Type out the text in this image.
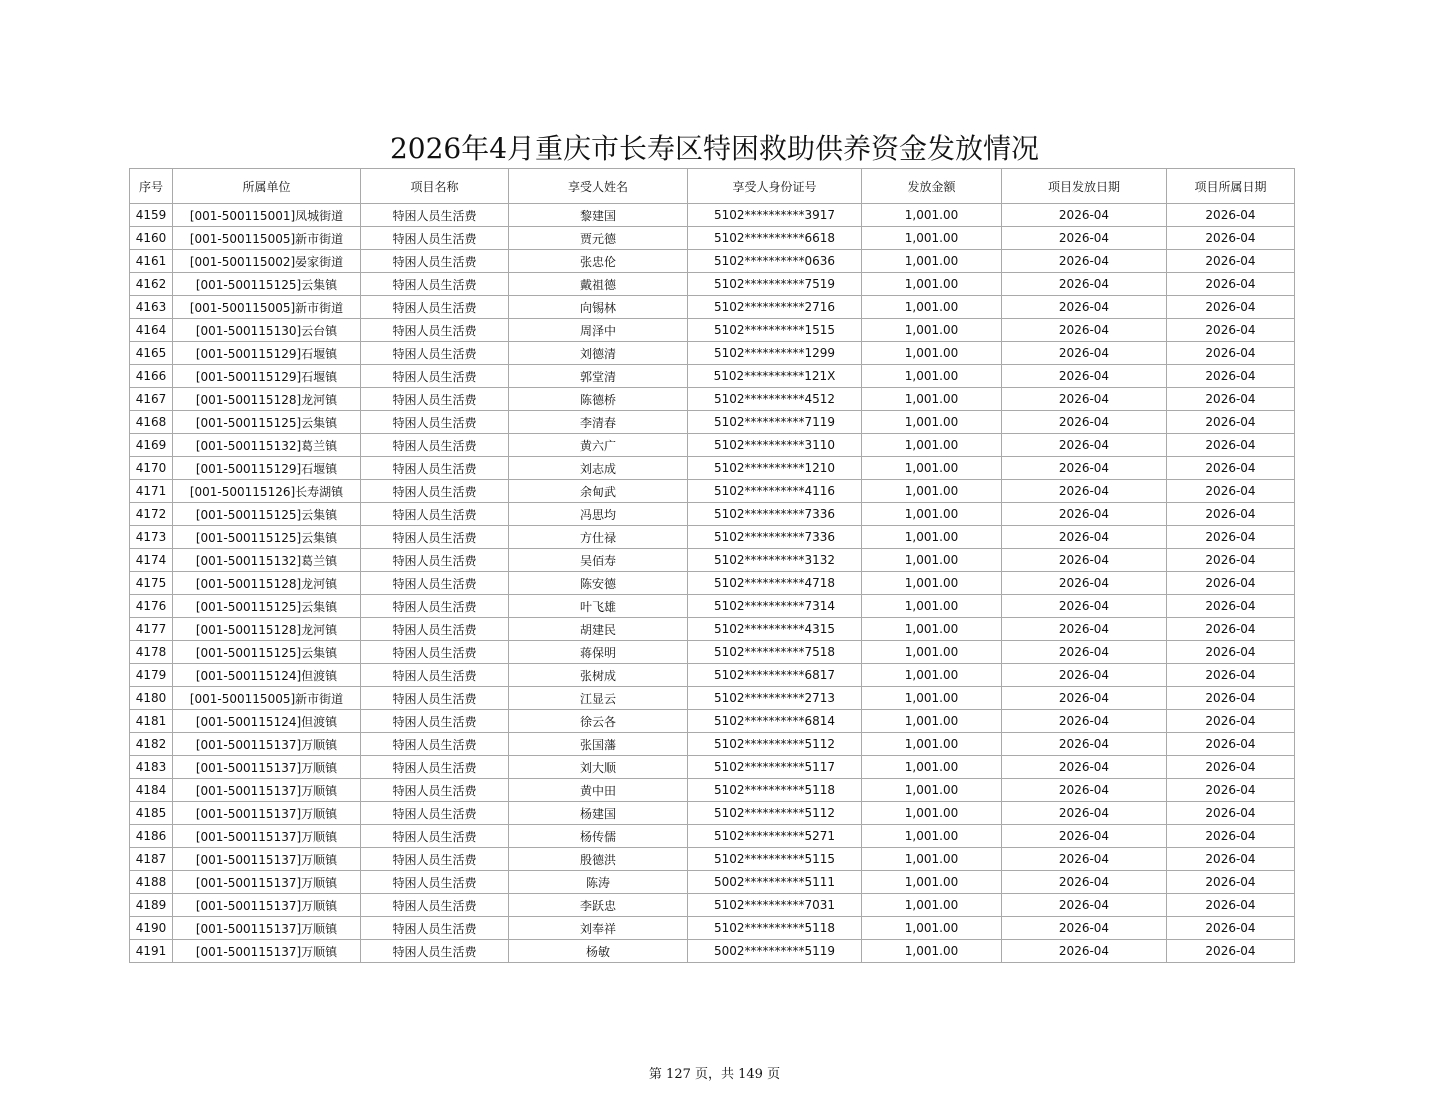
2026年4月重庆市长寿区特困救助供养资金发放情况
序号	所属单位	项目名称	享受人姓名	享受人身份证号	发放金额	项目发放日期	项目所属日期
4159	[001-500115001]凤城街道	特困人员生活费	黎建国	5102**********3917	1,001.00	2026-04	2026-04
4160	[001-500115005]新市街道	特困人员生活费	贾元德	5102**********6618	1,001.00	2026-04	2026-04
4161	[001-500115002]晏家街道	特困人员生活费	张忠伦	5102**********0636	1,001.00	2026-04	2026-04
4162	[001-500115125]云集镇	特困人员生活费	戴祖德	5102**********7519	1,001.00	2026-04	2026-04
4163	[001-500115005]新市街道	特困人员生活费	向锡林	5102**********2716	1,001.00	2026-04	2026-04
4164	[001-500115130]云台镇	特困人员生活费	周泽中	5102**********1515	1,001.00	2026-04	2026-04
4165	[001-500115129]石堰镇	特困人员生活费	刘德清	5102**********1299	1,001.00	2026-04	2026-04
4166	[001-500115129]石堰镇	特困人员生活费	郭堂清	5102**********121X	1,001.00	2026-04	2026-04
4167	[001-500115128]龙河镇	特困人员生活费	陈德桥	5102**********4512	1,001.00	2026-04	2026-04
4168	[001-500115125]云集镇	特困人员生活费	李清春	5102**********7119	1,001.00	2026-04	2026-04
4169	[001-500115132]葛兰镇	特困人员生活费	黄六广	5102**********3110	1,001.00	2026-04	2026-04
4170	[001-500115129]石堰镇	特困人员生活费	刘志成	5102**********1210	1,001.00	2026-04	2026-04
4171	[001-500115126]长寿湖镇	特困人员生活费	余甸武	5102**********4116	1,001.00	2026-04	2026-04
4172	[001-500115125]云集镇	特困人员生活费	冯思均	5102**********7336	1,001.00	2026-04	2026-04
4173	[001-500115125]云集镇	特困人员生活费	方仕禄	5102**********7336	1,001.00	2026-04	2026-04
4174	[001-500115132]葛兰镇	特困人员生活费	吴佰寿	5102**********3132	1,001.00	2026-04	2026-04
4175	[001-500115128]龙河镇	特困人员生活费	陈安德	5102**********4718	1,001.00	2026-04	2026-04
4176	[001-500115125]云集镇	特困人员生活费	叶飞雄	5102**********7314	1,001.00	2026-04	2026-04
4177	[001-500115128]龙河镇	特困人员生活费	胡建民	5102**********4315	1,001.00	2026-04	2026-04
4178	[001-500115125]云集镇	特困人员生活费	蒋保明	5102**********7518	1,001.00	2026-04	2026-04
4179	[001-500115124]但渡镇	特困人员生活费	张树成	5102**********6817	1,001.00	2026-04	2026-04
4180	[001-500115005]新市街道	特困人员生活费	江显云	5102**********2713	1,001.00	2026-04	2026-04
4181	[001-500115124]但渡镇	特困人员生活费	徐云各	5102**********6814	1,001.00	2026-04	2026-04
4182	[001-500115137]万顺镇	特困人员生活费	张国藩	5102**********5112	1,001.00	2026-04	2026-04
4183	[001-500115137]万顺镇	特困人员生活费	刘大顺	5102**********5117	1,001.00	2026-04	2026-04
4184	[001-500115137]万顺镇	特困人员生活费	黄中田	5102**********5118	1,001.00	2026-04	2026-04
4185	[001-500115137]万顺镇	特困人员生活费	杨建国	5102**********5112	1,001.00	2026-04	2026-04
4186	[001-500115137]万顺镇	特困人员生活费	杨传儒	5102**********5271	1,001.00	2026-04	2026-04
4187	[001-500115137]万顺镇	特困人员生活费	殷德洪	5102**********5115	1,001.00	2026-04	2026-04
4188	[001-500115137]万顺镇	特困人员生活费	陈涛	5002**********5111	1,001.00	2026-04	2026-04
4189	[001-500115137]万顺镇	特困人员生活费	李跃忠	5102**********7031	1,001.00	2026-04	2026-04
4190	[001-500115137]万顺镇	特困人员生活费	刘奉祥	5102**********5118	1,001.00	2026-04	2026-04
4191	[001-500115137]万顺镇	特困人员生活费	杨敏	5002**********5119	1,001.00	2026-04	2026-04
第 127 页，共 149 页
